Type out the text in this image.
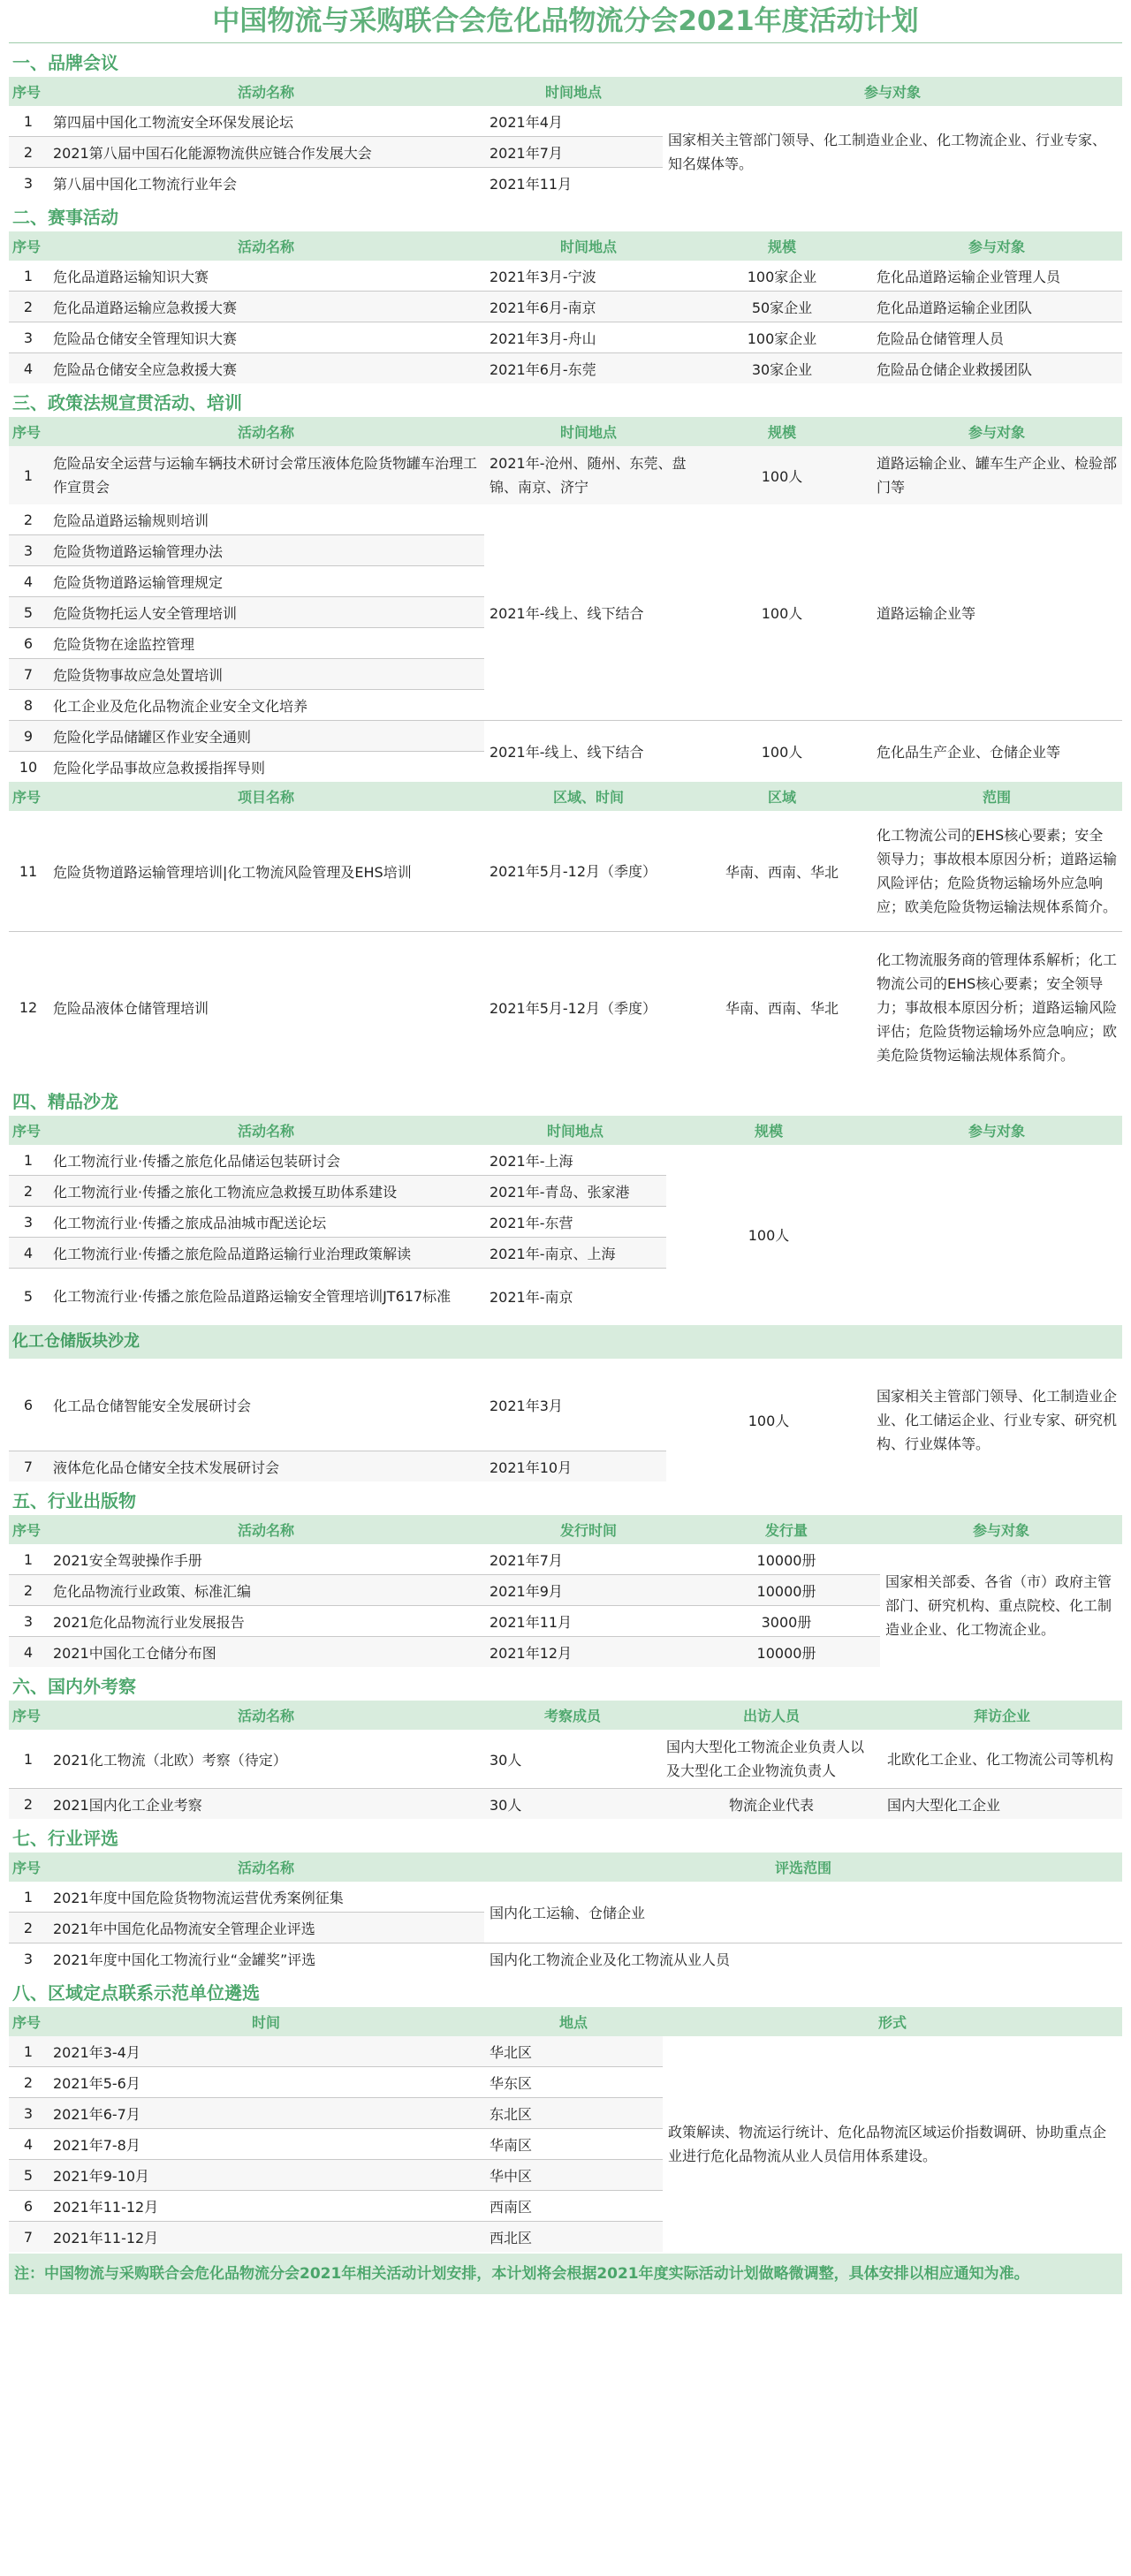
中国物流与采购联合会危化品物流分会2021年度活动计划
一、品牌会议
序号	活动名称	时间地点	参与对象
1	第四届中国化工物流安全环保发展论坛	2021年4月	国家相关主管部门领导、化工制造业企业、化工物流企业、行业专家、知名媒体等。
2	2021第八届中国石化能源物流供应链合作发展大会	2021年7月	
3	第八届中国化工物流行业年会	2021年11月	
二、赛事活动
序号	活动名称	时间地点	规模	参与对象
1	危化品道路运输知识大赛	2021年3月-宁波	100家企业	危化品道路运输企业管理人员
2	危化品道路运输应急救援大赛	2021年6月-南京	50家企业	危化品道路运输企业团队
3	危险品仓储安全管理知识大赛	2021年3月-舟山	100家企业	危险品仓储管理人员
4	危险品仓储安全应急救援大赛	2021年6月-东莞	30家企业	危险品仓储企业救援团队
三、政策法规宣贯活动、培训
序号	活动名称	时间地点	规模	参与对象
1	危险品安全运营与运输车辆技术研讨会常压液体危险货物罐车治理工作宣贯会	2021年-沧州、随州、东莞、盘锦、南京、济宁	100人	道路运输企业、罐车生产企业、检验部门等
2	危险品道路运输规则培训	2021年-线上、线下结合	100人	道路运输企业等
3	危险货物道路运输管理办法			
4	危险货物道路运输管理规定			
5	危险货物托运人安全管理培训			
6	危险货物在途监控管理			
7	危险货物事故应急处置培训			
8	化工企业及危化品物流企业安全文化培养			
9	危险化学品储罐区作业安全通则	2021年-线上、线下结合	100人	危化品生产企业、仓储企业等
10	危险化学品事故应急救援指挥导则			
序号	项目名称	区域、时间	区域	范围
11	危险货物道路运输管理培训|化工物流风险管理及EHS培训	2021年5月-12月（季度）	华南、西南、华北	化工物流公司的EHS核心要素；安全领导力；事故根本原因分析；道路运输风险评估；危险货物运输场外应急响应；欧美危险货物运输法规体系简介。
12	危险品液体仓储管理培训	2021年5月-12月（季度）	华南、西南、华北	化工物流服务商的管理体系解析；化工物流公司的EHS核心要素；安全领导力；事故根本原因分析；道路运输风险评估；危险货物运输场外应急响应；欧美危险货物运输法规体系简介。
四、精品沙龙
序号	活动名称	时间地点	规模	参与对象
1	化工物流行业·传播之旅危化品储运包装研讨会	2021年-上海	100人	
2	化工物流行业·传播之旅化工物流应急救援互助体系建设	2021年-青岛、张家港		
3	化工物流行业·传播之旅成品油城市配送论坛	2021年-东营		
4	化工物流行业·传播之旅危险品道路运输行业治理政策解读	2021年-南京、上海		
5	化工物流行业·传播之旅危险品道路运输安全管理培训JT617标准	2021年-南京		
化工仓储版块沙龙
6	化工品仓储智能安全发展研讨会	2021年3月	100人	国家相关主管部门领导、化工制造业企业、化工储运企业、行业专家、研究机构、行业媒体等。
7	液体危化品仓储安全技术发展研讨会	2021年10月		
五、行业出版物
序号	活动名称	发行时间	发行量	参与对象
1	2021安全驾驶操作手册	2021年7月	10000册	国家相关部委、各省（市）政府主管部门、研究机构、重点院校、化工制造业企业、化工物流企业。
2	危化品物流行业政策、标准汇编	2021年9月	10000册	
3	2021危化品物流行业发展报告	2021年11月	3000册	
4	2021中国化工仓储分布图	2021年12月	10000册	
六、国内外考察
序号	活动名称	考察成员	出访人员	拜访企业
1	2021化工物流（北欧）考察（待定）	30人	国内大型化工物流企业负责人以及大型化工企业物流负责人	北欧化工企业、化工物流公司等机构
2	2021国内化工企业考察	30人	物流企业代表	国内大型化工企业
七、行业评选
序号	活动名称	评选范围
1	2021年度中国危险货物物流运营优秀案例征集	国内化工运输、仓储企业
2	2021年中国危化品物流安全管理企业评选	
3	2021年度中国化工物流行业“金罐奖”评选	国内化工物流企业及化工物流从业人员
八、区域定点联系示范单位遴选
序号	时间	地点	形式
1	2021年3-4月	华北区	政策解读、物流运行统计、危化品物流区域运价指数调研、协助重点企业进行危化品物流从业人员信用体系建设。
2	2021年5-6月	华东区	
3	2021年6-7月	东北区	
4	2021年7-8月	华南区	
5	2021年9-10月	华中区	
6	2021年11-12月	西南区	
7	2021年11-12月	西北区	
注：中国物流与采购联合会危化品物流分会2021年相关活动计划安排，本计划将会根据2021年度实际活动计划做略微调整，具体安排以相应通知为准。
